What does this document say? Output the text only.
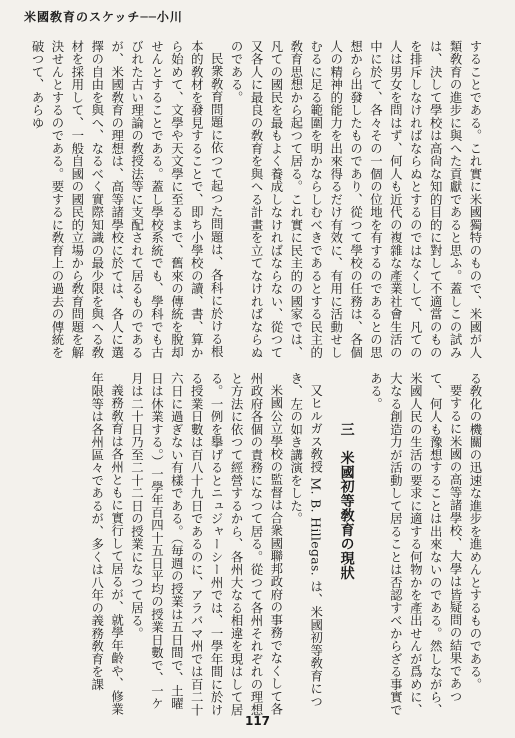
米國敎育のスケッチ──小川

することである。これ實に米國獨特のもので、米國が人類敎育の進步に與へた貢獻であると思ふ。蓋しこの試みは、決して學校は高尙な知的目的に對して不適當のものを排斥しなければならぬとするのではなくして、凡ての人は男女を問はず、何人も近代の複雜な產業社會生活の中に於て、各々その一個の位地を有するのであるとの思想から出發したものであり、從つて學校の任務は、各個人の精神的能力を出來得るだけ有效に、有用に活動せしむるに足る範圍を明かならしむべきであるとする民主的敎育思想から起つて居る。これ實に民主的の國家では、凡ての國民を最もよく養成しなければならない、從つて又各人に最良の敎育を與へる計畫を立てなければならぬのである。

民衆敎育問題に依つて起つた問題は、各科に於ける根本的敎材を發見することで、即ち小學校の讀、書、算から始めて、文學や天文學に至るまで、舊來の傳統を脫却せんとすることである。蓋し學校系統でも、學科でも古びれた古い理論の敎授法等に支配されて居るものであるが、米國敎育の理想は、高等諸學校に於ては、各人に選擇の自由を與へ、なるべく實際知識の最少限を與へる敎材を採用して、一般自國の國民的立場から敎育問題を解決せんとするのである。要するに敎育上の過去の傳統を破つて、あらゆ

る敎化の機關の迅速な進步を進めんとするものである。

要するに米國の高等諸學校、大學は皆疑問の結果であつて、何人も豫想することは出來ないのである。然しながら、米國人民の生活の要求に適する何物かを產出せんが爲めに、大なる創造力が活動して居ることは否認すべからざる事實である。

三　米國初等敎育の現狀

又ヒルガス敎授 M. B. Hillegas. は、米國初等敎育につき、左の如き講演をした。

米國公立學校の監督は合衆國聯邦政府の事務でなくして各州政府各個の責務になつて居る。從つて各州それぞれの理想と方法に依つて經營するから、各州大なる相違を現はして居る。一例を擧げるとニュジャーシー州では、一學年間に於ける授業日數は百八十九日であるのに、アラバマ州では百二十六日に過ぎない有樣である。（毎週の授業は五日間で、土曜日は休業する。）一學年百四十五日平均の授業日數で、一ケ月は二十日乃至二十二日の授業になつて居る。

義務敎育は各州ともに實行して居るが、就學年齡や、修業年限等は各州區々であるが、多くは八年の義務敎育を課

117
